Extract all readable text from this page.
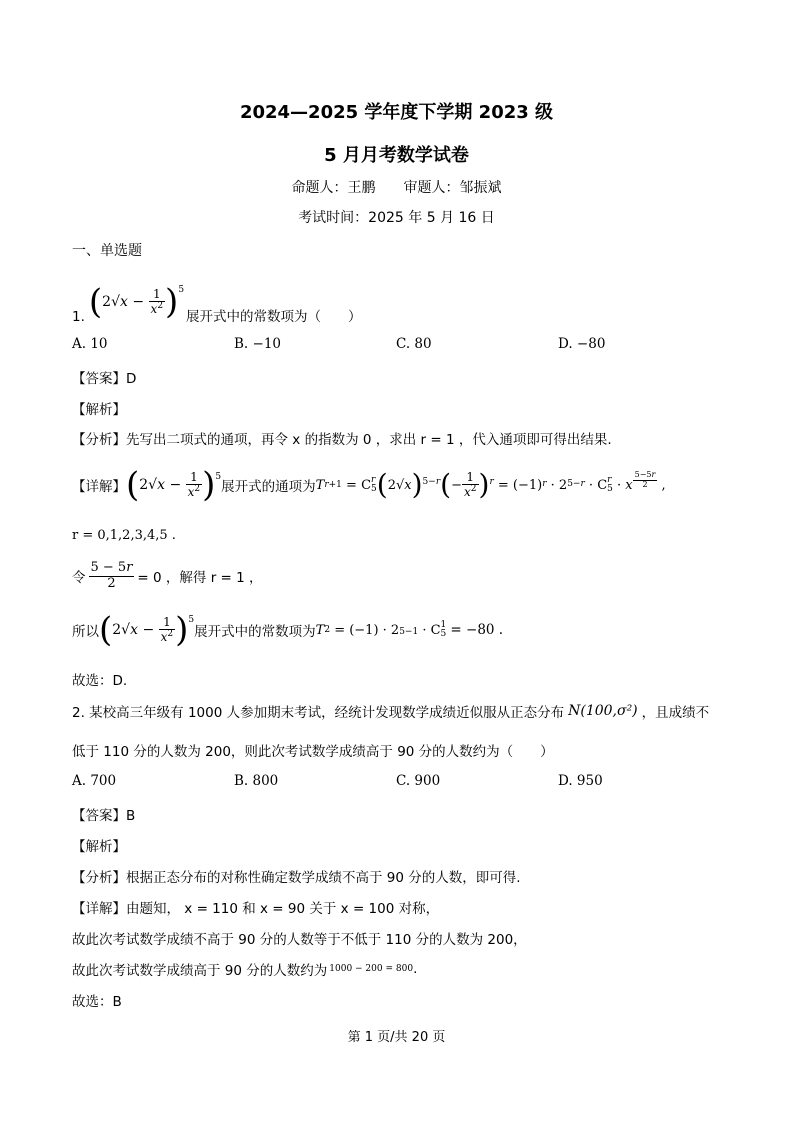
2024—2025 学年度下学期 2023 级
5 月月考数学试卷
命题人：王鹏　　审题人：邹振斌
考试时间：2025 年 5 月 16 日
一、单选题
1. ( $2√x - \frac{1}{x^2} )^5$
展开式中的常数项为（　　）
A. 10	B. −10	C. 80	D. −80
【答案】D
【解析】
【分析】先写出二项式的通项，再令 x 的指数为 0 ，求出 r = 1 ，代入通项即可得出结果.
【详解】 ( $2√x - \frac{1}{x^2} )^5$
展开式的通项为 T r+1 = C r
5 ( 2√ x )$^{5-r}$ ( − $\frac{1}{x^2}$ ) $^r$ = (−1) r · 2 5−r · C r
5 · x $\frac{5-5r}{2}$ ,
r = 0,1,2,3,4,5 .
令 $\frac{5 - 5r}{2} = 0$ ，解得 r = 1 ，
所以 ( $2√x - \frac{1}{x^2} )^5$
展开式中的常数项为 T 2 = (−1) · 2 5−1 · C 1
5
= −80 .
故选：D.
2. 某校高三年级有 1000 人参加期末考试，经统计发现数学成绩近似服从正态分布 N(100,σ²) ，且成绩不
低于 110 分的人数为 200，则此次考试数学成绩高于 90 分的人数约为（　　）
A. 700	B. 800	C. 900	D. 950
【答案】B
【解析】
【分析】根据正态分布的对称性确定数学成绩不高于 90 分的人数，即可得.
【详解】由题知， x = 110 和 x = 90 关于 x = 100 对称，
故此次考试数学成绩不高于 90 分的人数等于不低于 110 分的人数为 200，
故此次考试数学成绩高于 90 分的人数约为 1000 − 200 = 800 .
故选：B
第 1 页/共 20 页
